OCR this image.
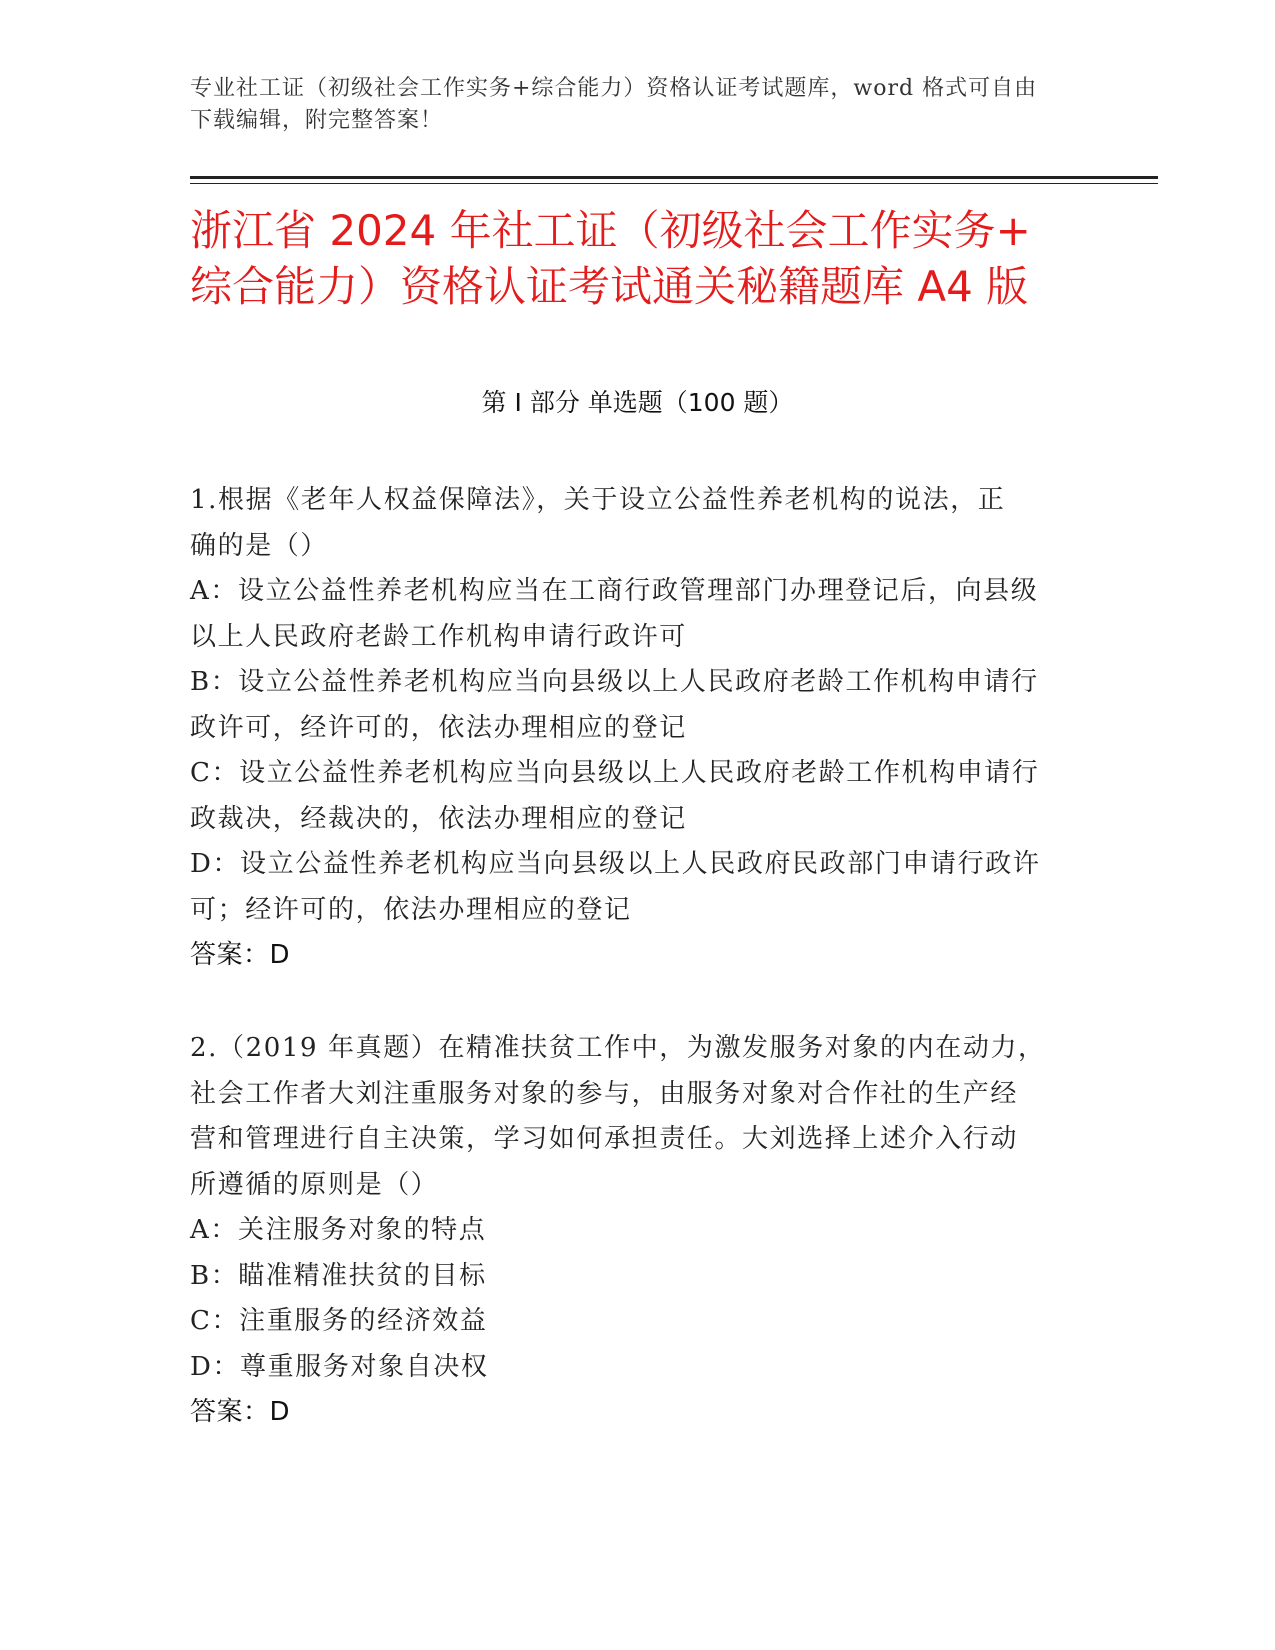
专业社工证（初级社会工作实务+综合能力）资格认证考试题库，word 格式可自由
下载编辑，附完整答案！
浙江省 2024 年社工证（初级社会工作实务+
综合能力）资格认证考试通关秘籍题库 A4 版
第 I 部分 单选题（100 题）
1.根据《老年人权益保障法》，关于设立公益性养老机构的说法，正
确的是（）
A：设立公益性养老机构应当在工商行政管理部门办理登记后，向县级
以上人民政府老龄工作机构申请行政许可
B：设立公益性养老机构应当向县级以上人民政府老龄工作机构申请行
政许可，经许可的，依法办理相应的登记
C：设立公益性养老机构应当向县级以上人民政府老龄工作机构申请行
政裁决，经裁决的，依法办理相应的登记
D：设立公益性养老机构应当向县级以上人民政府民政部门申请行政许
可；经许可的，依法办理相应的登记
答案：D
2.（2019 年真题）在精准扶贫工作中，为激发服务对象的内在动力，
社会工作者大刘注重服务对象的参与，由服务对象对合作社的生产经
营和管理进行自主决策，学习如何承担责任。大刘选择上述介入行动
所遵循的原则是（）
A：关注服务对象的特点
B：瞄准精准扶贫的目标
C：注重服务的经济效益
D：尊重服务对象自决权
答案：D
